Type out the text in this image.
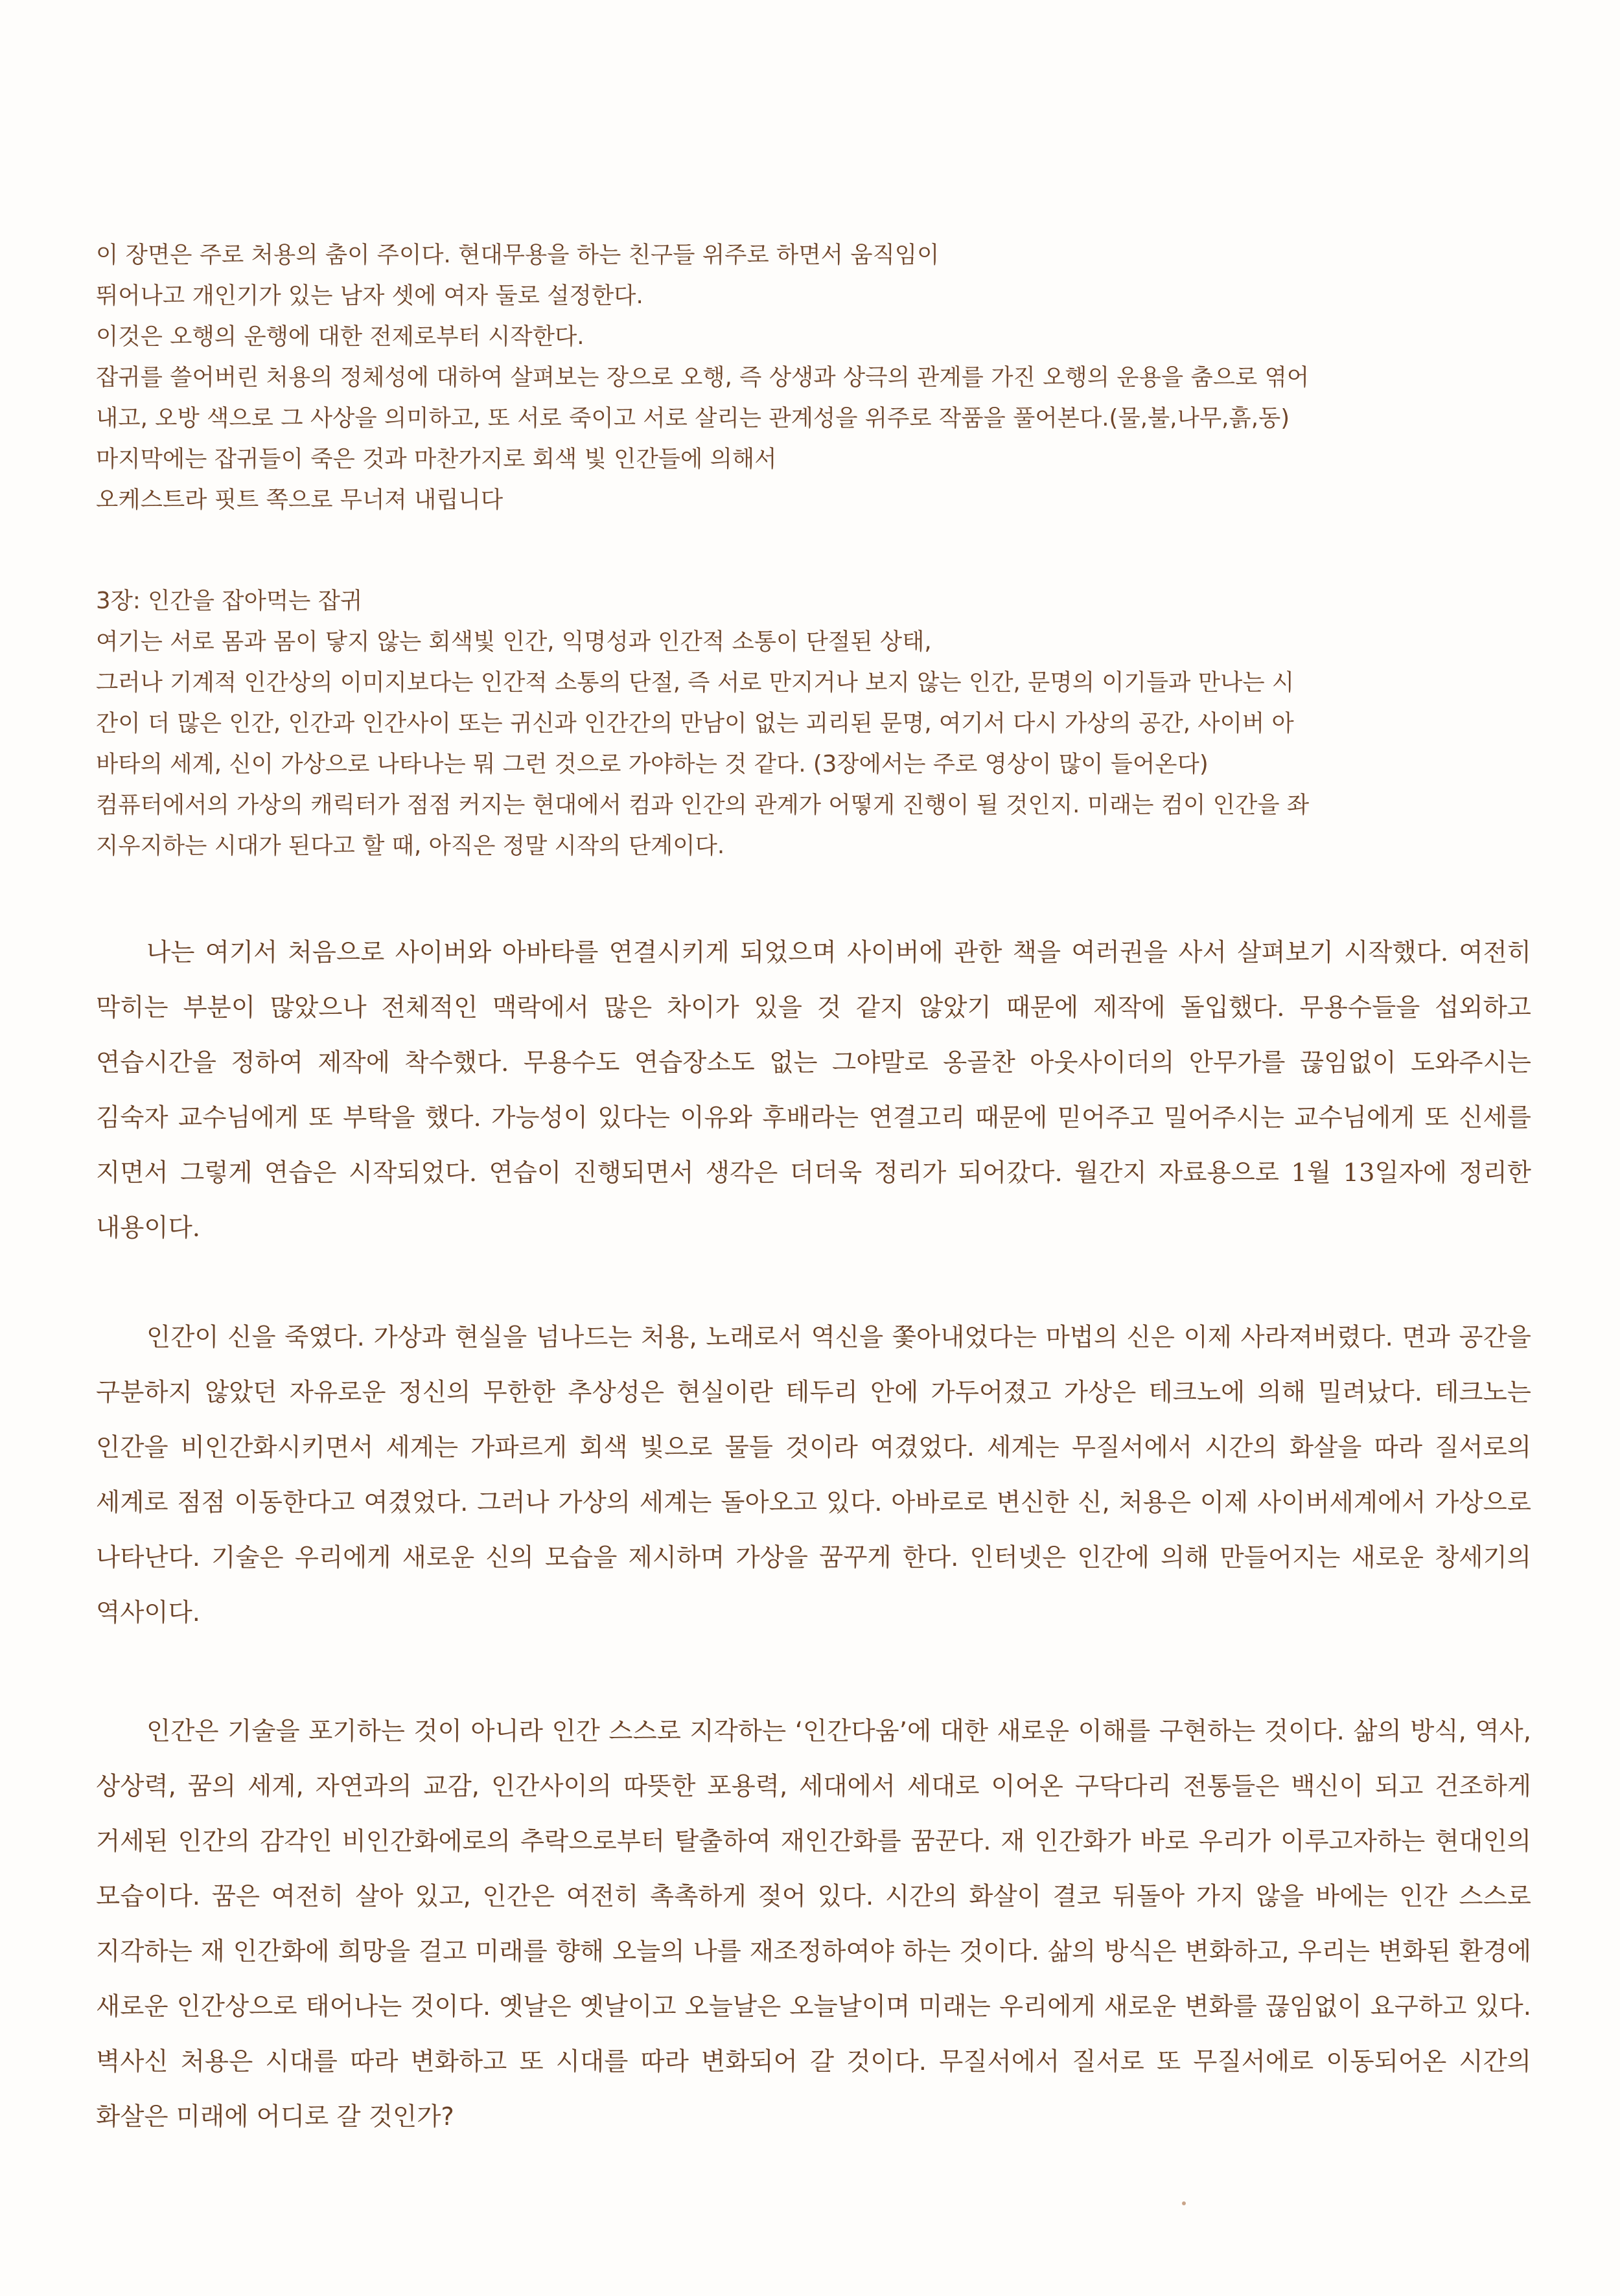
이 장면은 주로 처용의 춤이 주이다. 현대무용을 하는 친구들 위주로 하면서 움직임이
뛰어나고 개인기가 있는 남자 셋에 여자 둘로 설정한다.
이것은 오행의 운행에 대한 전제로부터 시작한다.
잡귀를 쓸어버린 처용의 정체성에 대하여 살펴보는 장으로 오행, 즉 상생과 상극의 관계를 가진 오행의 운용을 춤으로 엮어
내고, 오방 색으로 그 사상을 의미하고, 또 서로 죽이고 서로 살리는 관계성을 위주로 작품을 풀어본다.(물,불,나무,흙,동)
마지막에는 잡귀들이 죽은 것과 마찬가지로 회색 빛 인간들에 의해서
오케스트라 핏트 쪽으로 무너져 내립니다
3장: 인간을 잡아먹는 잡귀
여기는 서로 몸과 몸이 닿지 않는 회색빛 인간, 익명성과 인간적 소통이 단절된 상태,
그러나 기계적 인간상의 이미지보다는 인간적 소통의 단절, 즉 서로 만지거나 보지 않는 인간, 문명의 이기들과 만나는 시
간이 더 많은 인간, 인간과 인간사이 또는 귀신과 인간간의 만남이 없는 괴리된 문명, 여기서 다시 가상의 공간, 사이버 아
바타의 세계, 신이 가상으로 나타나는 뭐 그런 것으로 가야하는 것 같다. (3장에서는 주로 영상이 많이 들어온다)
컴퓨터에서의 가상의 캐릭터가 점점 커지는 현대에서 컴과 인간의 관계가 어떻게 진행이 될 것인지. 미래는 컴이 인간을 좌
지우지하는 시대가 된다고 할 때, 아직은 정말 시작의 단계이다.
나는 여기서 처음으로 사이버와 아바타를 연결시키게 되었으며 사이버에 관한 책을 여러권을 사서 살펴보기 시작했다. 여전히 막히는 부분이 많았으나 전체적인 맥락에서 많은 차이가 있을 것 같지 않았기 때문에 제작에 돌입했다. 무용수들을 섭외하고 연습시간을 정하여 제작에 착수했다. 무용수도 연습장소도 없는 그야말로 옹골찬 아웃사이더의 안무가를 끊임없이 도와주시는 김숙자 교수님에게 또 부탁을 했다. 가능성이 있다는 이유와 후배라는 연결고리 때문에 믿어주고 밀어주시는 교수님에게 또 신세를 지면서 그렇게 연습은 시작되었다. 연습이 진행되면서 생각은 더더욱 정리가 되어갔다. 월간지 자료용으로 1월 13일자에 정리한 내용이다.
인간이 신을 죽였다. 가상과 현실을 넘나드는 처용, 노래로서 역신을 쫓아내었다는 마법의 신은 이제 사라져버렸다. 면과 공간을 구분하지 않았던 자유로운 정신의 무한한 추상성은 현실이란 테두리 안에 가두어졌고 가상은 테크노에 의해 밀려났다. 테크노는 인간을 비인간화시키면서 세계는 가파르게 회색 빛으로 물들 것이라 여겼었다. 세계는 무질서에서 시간의 화살을 따라 질서로의 세계로 점점 이동한다고 여겼었다. 그러나 가상의 세계는 돌아오고 있다. 아바로로 변신한 신, 처용은 이제 사이버세계에서 가상으로 나타난다. 기술은 우리에게 새로운 신의 모습을 제시하며 가상을 꿈꾸게 한다. 인터넷은 인간에 의해 만들어지는 새로운 창세기의 역사이다.
인간은 기술을 포기하는 것이 아니라 인간 스스로 지각하는 ‘인간다움’에 대한 새로운 이해를 구현하는 것이다. 삶의 방식, 역사, 상상력, 꿈의 세계, 자연과의 교감, 인간사이의 따뜻한 포용력, 세대에서 세대로 이어온 구닥다리 전통들은 백신이 되고 건조하게 거세된 인간의 감각인 비인간화에로의 추락으로부터 탈출하여 재인간화를 꿈꾼다. 재 인간화가 바로 우리가 이루고자하는 현대인의 모습이다. 꿈은 여전히 살아 있고, 인간은 여전히 촉촉하게 젖어 있다. 시간의 화살이 결코 뒤돌아 가지 않을 바에는 인간 스스로 지각하는 재 인간화에 희망을 걸고 미래를 향해 오늘의 나를 재조정하여야 하는 것이다. 삶의 방식은 변화하고, 우리는 변화된 환경에 새로운 인간상으로 태어나는 것이다. 옛날은 옛날이고 오늘날은 오늘날이며 미래는 우리에게 새로운 변화를 끊임없이 요구하고 있다. 벽사신 처용은 시대를 따라 변화하고 또 시대를 따라 변화되어 갈 것이다. 무질서에서 질서로 또 무질서에로 이동되어온 시간의 화살은 미래에 어디로 갈 것인가?
